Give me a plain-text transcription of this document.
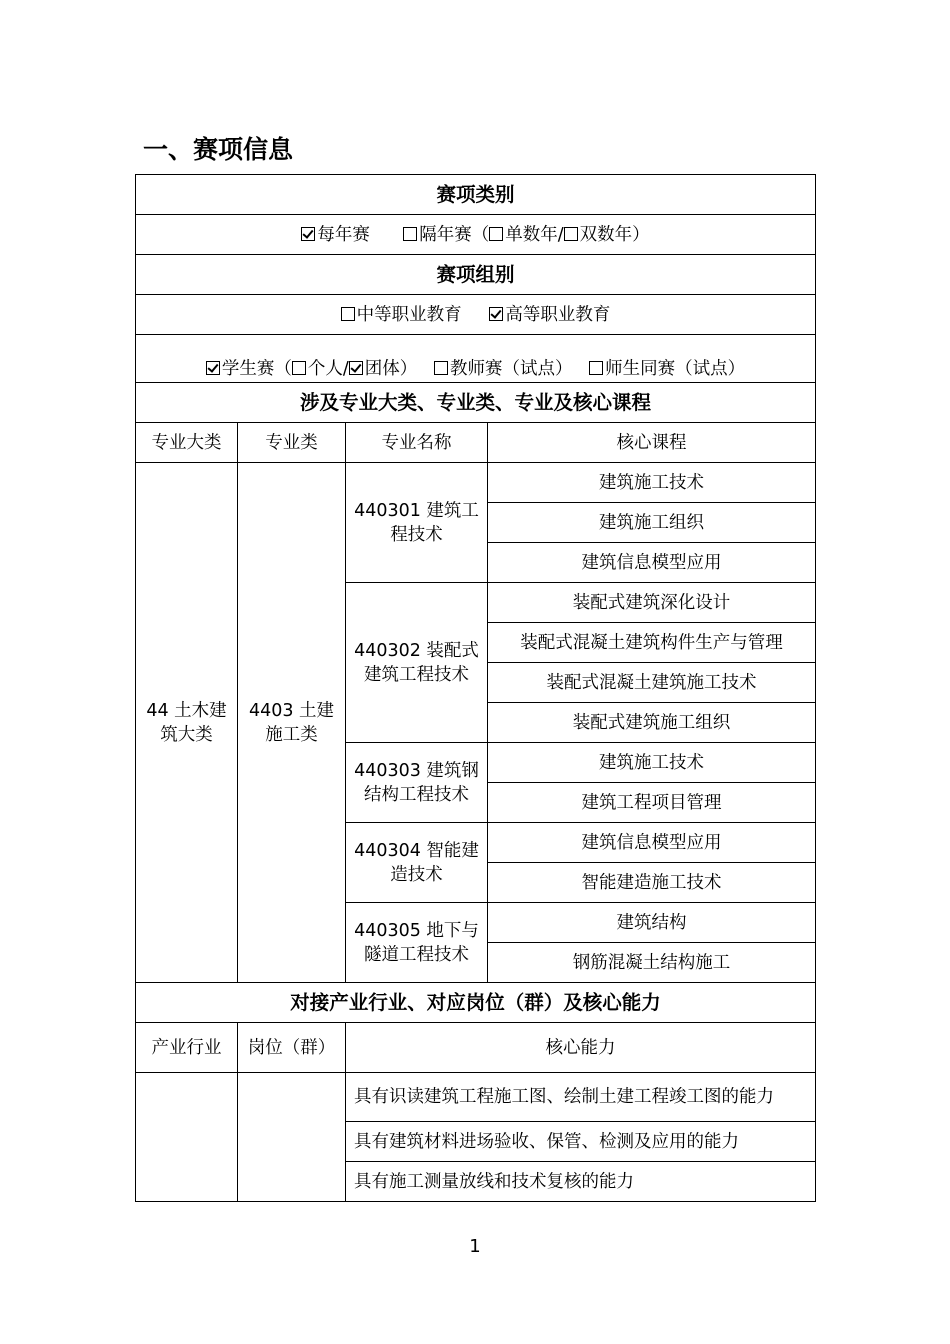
一、赛项信息
赛项类别			
每年赛 隔年赛（ 单数年/ 双数年）			
赛项组别			
中等职业教育 高等职业教育			
学生赛（ 个人/ 团体） 教师赛（试点） 师生同赛（试点）			
涉及专业大类、专业类、专业及核心课程			
专业大类	专业类	专业名称	核心课程
44 土木建筑大类	4403 土建施工类	440301 建筑工程技术	建筑施工技术
			建筑施工组织
			建筑信息模型应用
		440302 装配式建筑工程技术	装配式建筑深化设计
			装配式混凝土建筑构件生产与管理
			装配式混凝土建筑施工技术
			装配式建筑施工组织
		440303 建筑钢结构工程技术	建筑施工技术
			建筑工程项目管理
		440304 智能建造技术	建筑信息模型应用
			智能建造施工技术
		440305 地下与隧道工程技术	建筑结构
			钢筋混凝土结构施工
对接产业行业、对应岗位（群）及核心能力			
产业行业	岗位（群）	核心能力	
		具有识读建筑工程施工图、绘制土建工程竣工图的能力	
		具有建筑材料进场验收、保管、检测及应用的能力	
		具有施工测量放线和技术复核的能力	
1
